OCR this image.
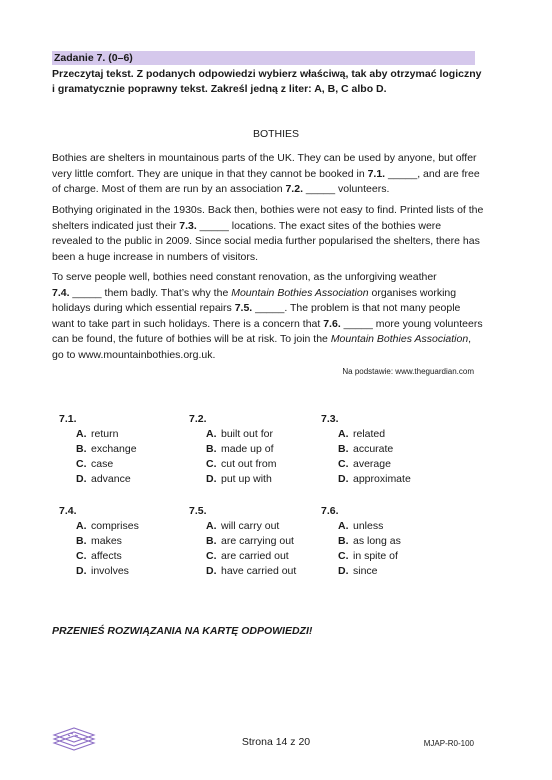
Zadanie 7. (0–6)
Przeczytaj tekst. Z podanych odpowiedzi wybierz właściwą, tak aby otrzymać logiczny
i gramatycznie poprawny tekst. Zakreśl jedną z liter: A, B, C albo D.
BOTHIES
Bothies are shelters in mountainous parts of the UK. They can be used by anyone, but offer very little comfort. They are unique in that they cannot be booked in 7.1. _____, and are free of charge. Most of them are run by an association 7.2. _____ volunteers.
Bothying originated in the 1930s. Back then, bothies were not easy to find. Printed lists of the shelters indicated just their 7.3. _____ locations. The exact sites of the bothies were revealed to the public in 2009. Since social media further popularised the shelters, there has been a huge increase in numbers of visitors.
To serve people well, bothies need constant renovation, as the unforgiving weather
7.4. _____ them badly. That’s why the Mountain Bothies Association organises working holidays during which essential repairs 7.5. _____. The problem is that not many people want to take part in such holidays. There is a concern that 7.6. _____ more young volunteers can be found, the future of bothies will be at risk. To join the Mountain Bothies Association, go to www.mountainbothies.org.uk.
Na podstawie: www.theguardian.com
7.1.
A. return
B. exchange
C. case
D. advance
7.2.
A. built out for
B. made up of
C. cut out from
D. put up with
7.3.
A. related
B. accurate
C. average
D. approximate
7.4.
A. comprises
B. makes
C. affects
D. involves
7.5.
A. will carry out
B. are carrying out
C. are carried out
D. have carried out
7.6.
A. unless
B. as long as
C. in spite of
D. since
PRZENIEŚ ROZWIĄZANIA NA KARTĘ ODPOWIEDZI!
Strona 14 z 20	MJAP-R0-100
